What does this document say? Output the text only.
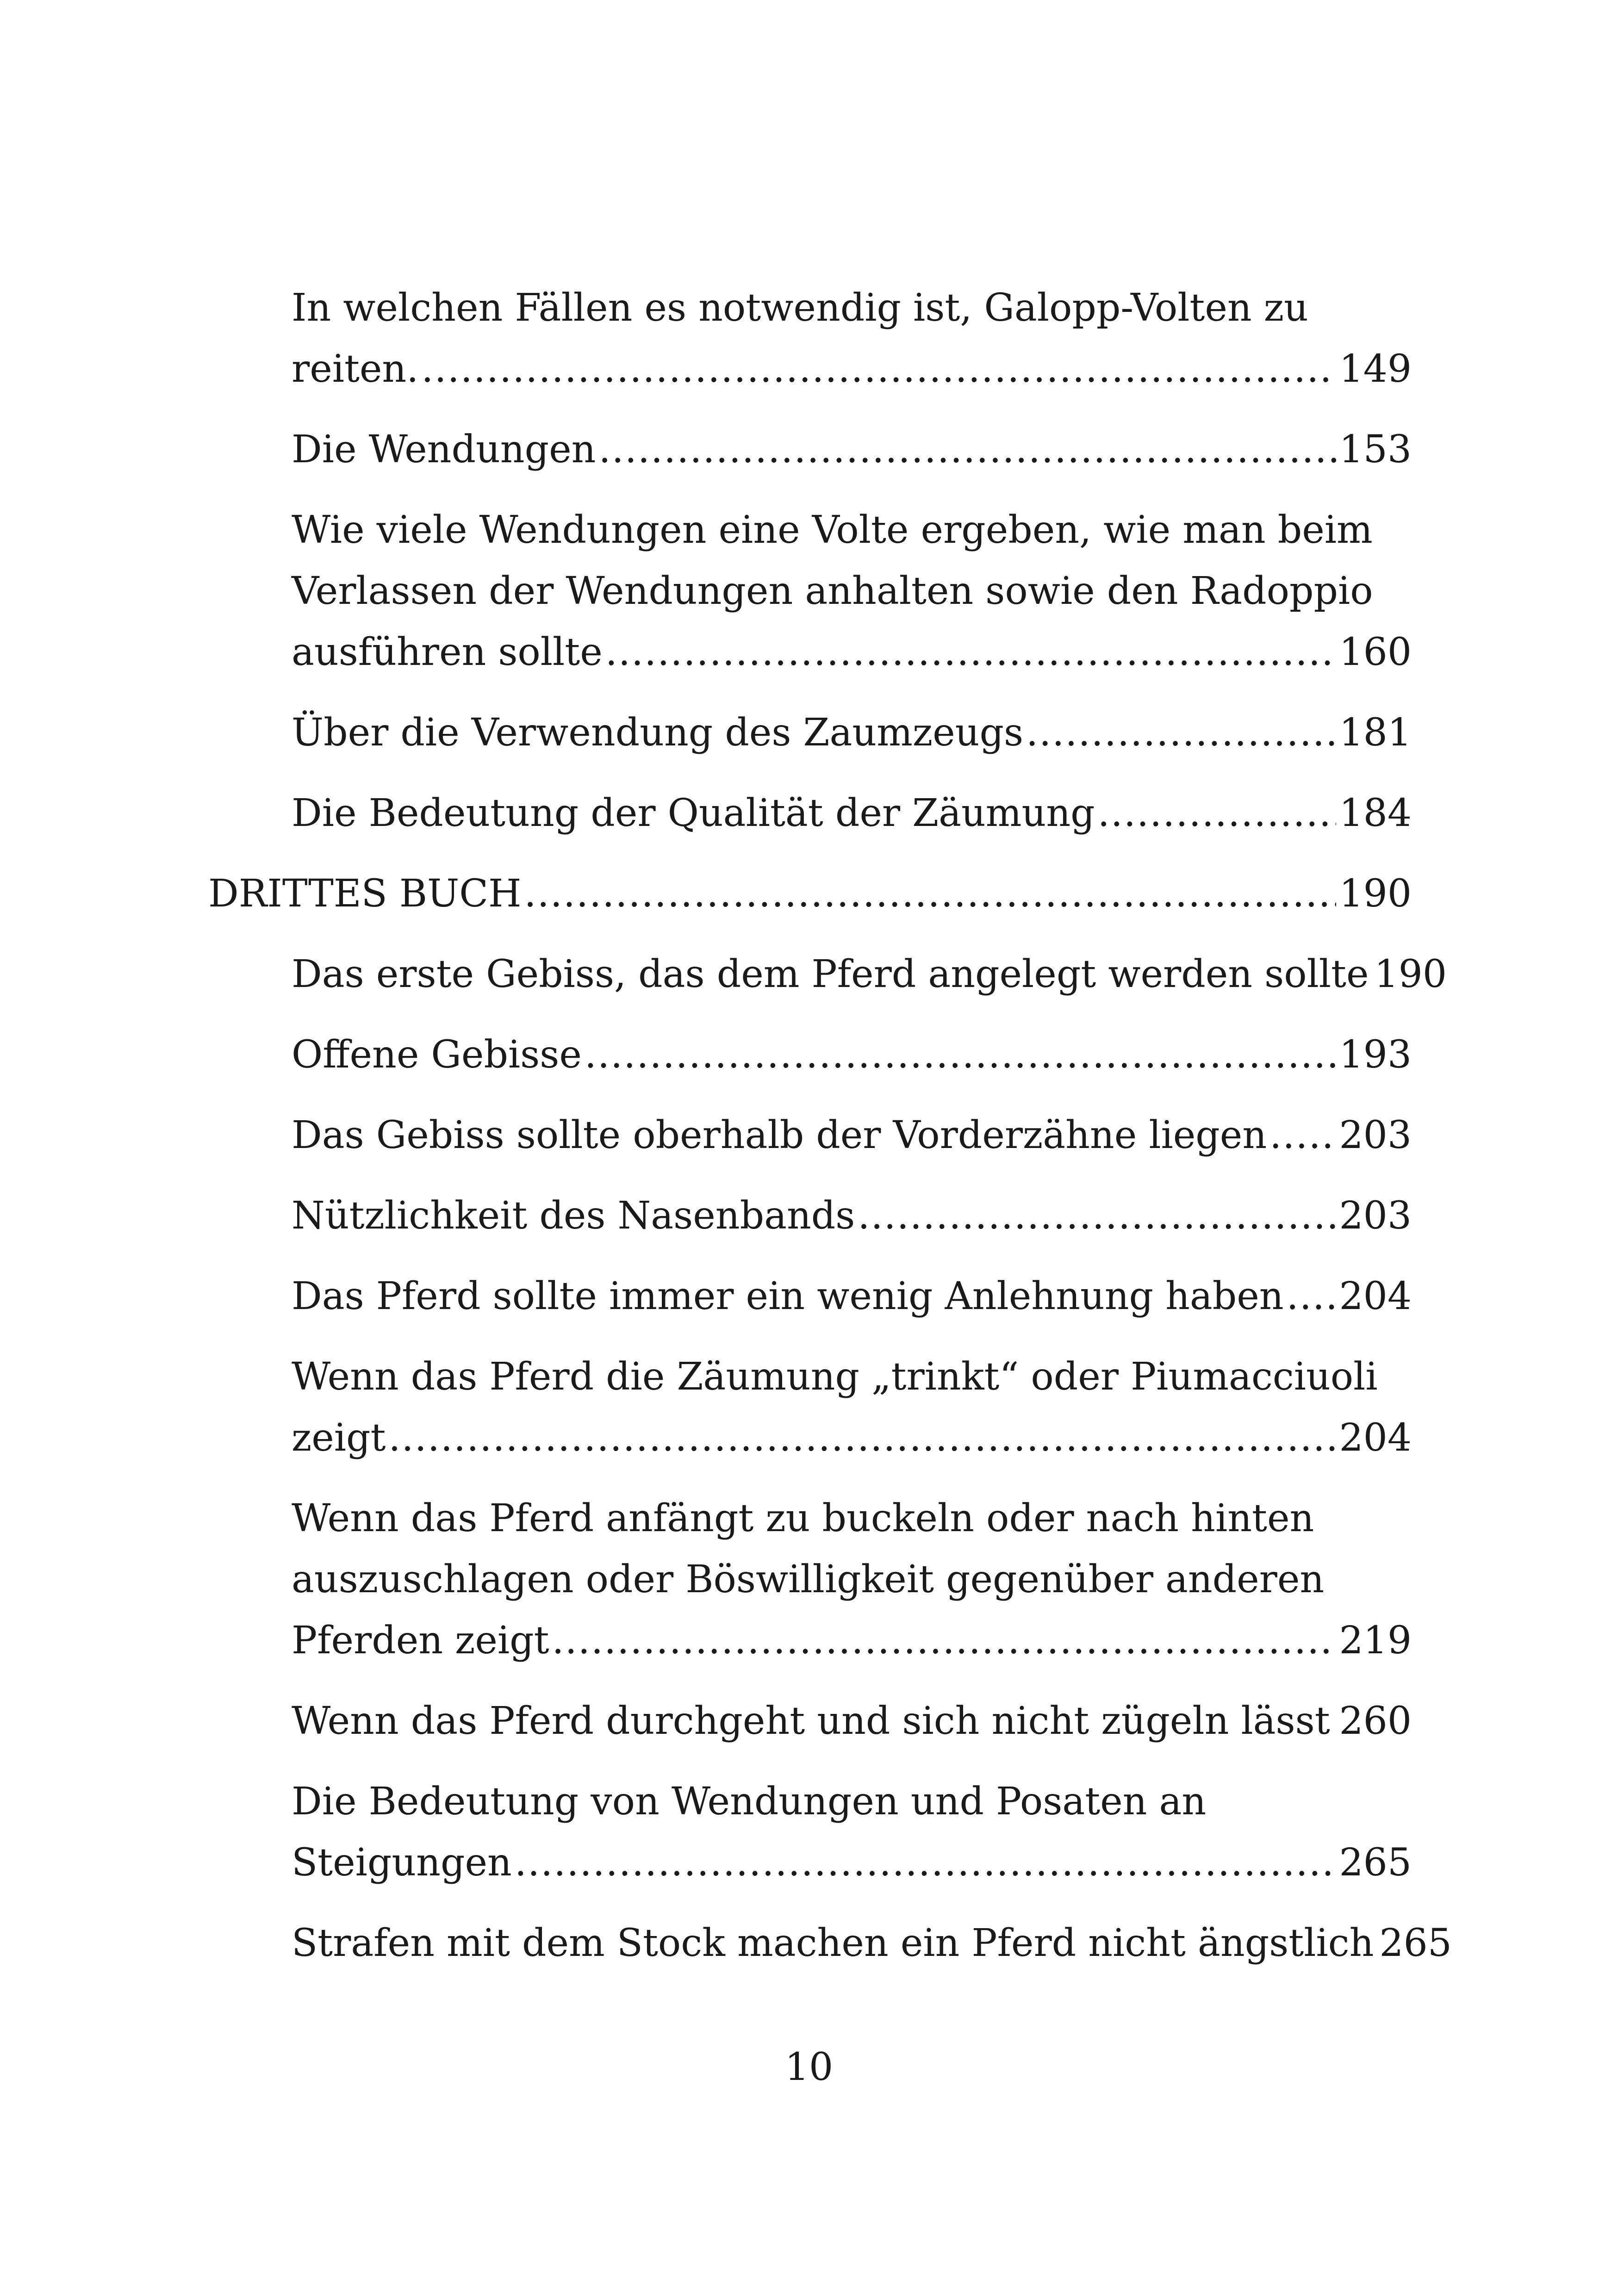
In welchen Fällen es notwendig ist, Galopp-Volten zu
reiten. . . .	149
Die Wendungen . . .	153
Wie viele Wendungen eine Volte ergeben, wie man beim
Verlassen der Wendungen anhalten sowie den Radoppio
ausführen sollte . . .	160
Über die Verwendung des Zaumzeugs . . .	181
Die Bedeutung der Qualität der Zäumung . . .	184
DRITTES BUCH . . .	190
Das erste Gebiss, das dem Pferd angelegt werden sollte 190
Offene Gebisse . . .	193
Das Gebiss sollte oberhalb der Vorderzähne liegen . . . 203
Nützlichkeit des Nasenbands . . .	203
Das Pferd sollte immer ein wenig Anlehnung haben . . . 204
Wenn das Pferd die Zäumung „trinkt“ oder Piumacciuoli
zeigt . . .	204
Wenn das Pferd anfängt zu buckeln oder nach hinten
auszuschlagen oder Böswilligkeit gegenüber anderen
Pferden zeigt . . .	219
Wenn das Pferd durchgeht und sich nicht zügeln lässt . . . 260
Die Bedeutung von Wendungen und Posaten an
Steigungen . . .	265
Strafen mit dem Stock machen ein Pferd nicht ängstlich 265
10
